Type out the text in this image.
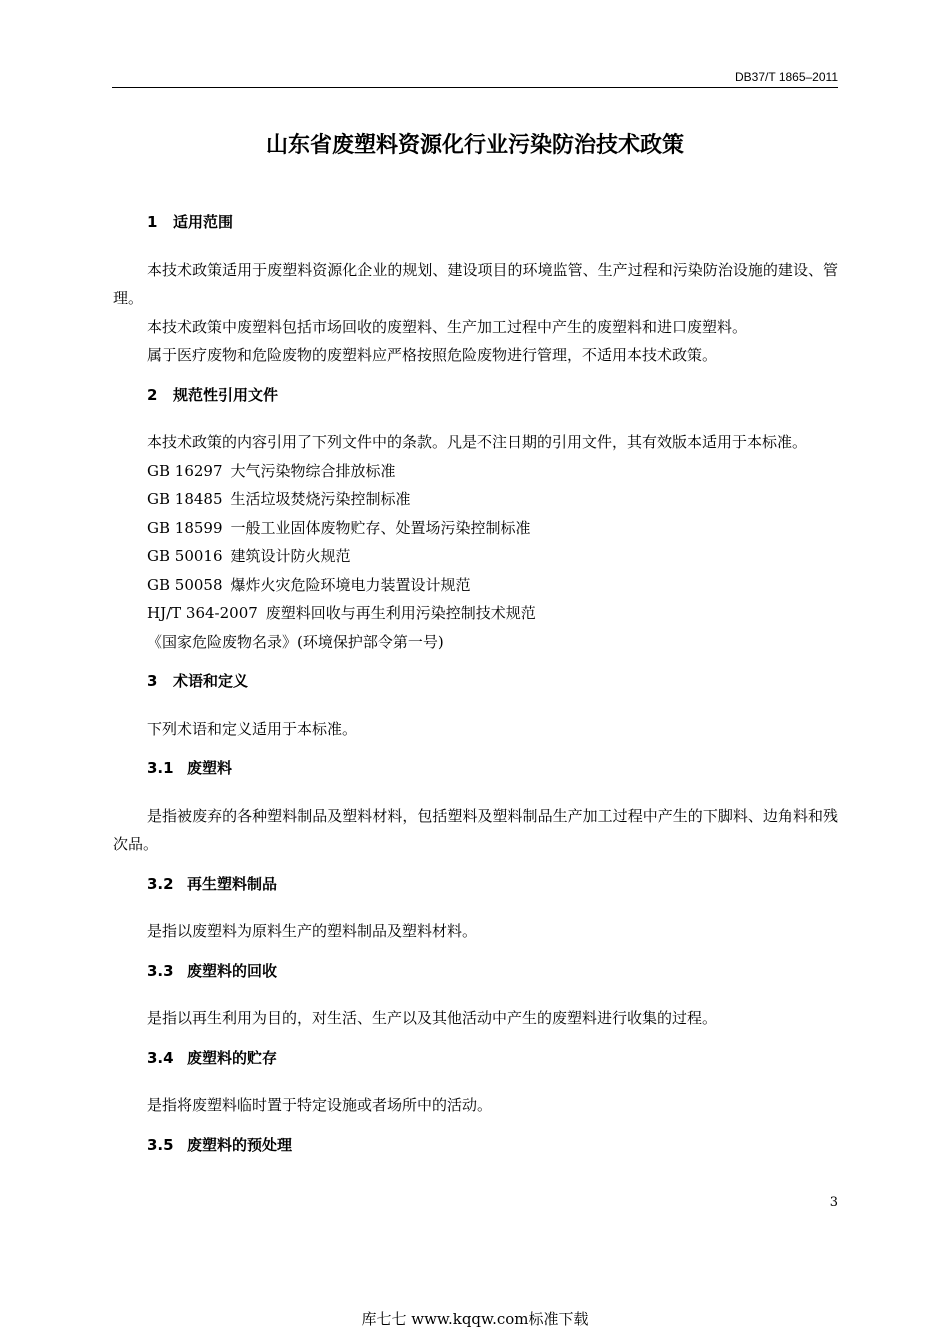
DB37/T 1865–2011
山东省废塑料资源化行业污染防治技术政策
1 适用范围

本技术政策适用于废塑料资源化企业的规划、建设项目的环境监管、生产过程和污染防治设施的建设、管理。

本技术政策中废塑料包括市场回收的废塑料、生产加工过程中产生的废塑料和进口废塑料。

属于医疗废物和危险废物的废塑料应严格按照危险废物进行管理，不适用本技术政策。

2 规范性引用文件

本技术政策的内容引用了下列文件中的条款。凡是不注日期的引用文件，其有效版本适用于本标准。

GB 16297 大气污染物综合排放标准
GB 18485 生活垃圾焚烧污染控制标准
GB 18599 一般工业固体废物贮存、处置场污染控制标准
GB 50016 建筑设计防火规范
GB 50058 爆炸火灾危险环境电力装置设计规范
HJ/T 364-2007 废塑料回收与再生利用污染控制技术规范
《国家危险废物名录》(环境保护部令第一号)
3 术语和定义

下列术语和定义适用于本标准。

3.1 废塑料

是指被废弃的各种塑料制品及塑料材料，包括塑料及塑料制品生产加工过程中产生的下脚料、边角料和残次品。

3.2 再生塑料制品

是指以废塑料为原料生产的塑料制品及塑料材料。

3.3 废塑料的回收

是指以再生利用为目的，对生活、生产以及其他活动中产生的废塑料进行收集的过程。

3.4 废塑料的贮存

是指将废塑料临时置于特定设施或者场所中的活动。

3.5 废塑料的预处理
3
库七七 www.kqqw.com标准下载
